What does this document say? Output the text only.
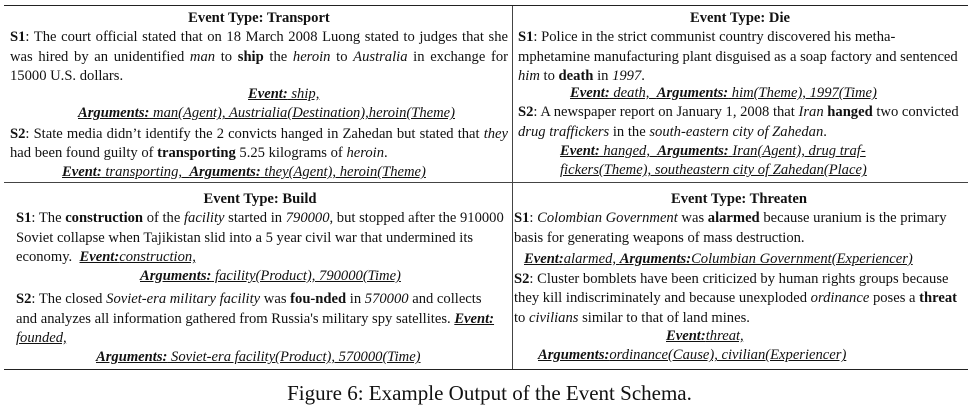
Event Type: Transport

S1: The court official stated that on 18 March 2008 Luong stated to judges that she was hired by an unidentified man to ship the heroin to Australia in exchange for 15000 U.S. dollars.

Event: ship,

Arguments: man(Agent), Austrialia(Destination),heroin(Theme)

S2: State media didn’t identify the 2 convicts hanged in Zahedan but stated that they had been found guilty of transporting 5.25 kilograms of heroin.

Event: transporting, Arguments: they(Agent), heroin(Theme)

Event Type: Die

S1: Police in the strict communist country discovered his metha-mphetamine manufacturing plant disguised as a soap factory and sentenced him to death in 1997.

Event: death, Arguments: him(Theme), 1997(Time)

S2: A newspaper report on January 1, 2008 that Iran hanged two convicted drug traffickers in the south-eastern city of Zahedan.

Event: hanged, Arguments: Iran(Agent), drug traf-

fickers(Theme), southeastern city of Zahedan(Place)

Event Type: Build

S1: The construction of the facility started in 790000, but stopped after the 910000 Soviet collapse when Tajikistan slid into a 5 year civil war that undermined its economy. Event:construction,

Arguments: facility(Product), 790000(Time)

S2: The closed Soviet-era military facility was fou-nded in 570000 and collects and analyzes all information gathered from Russia's military spy satellites. Event: founded,

Arguments: Soviet-era facility(Product), 570000(Time)

Event Type: Threaten

S1: Colombian Government was alarmed because uranium is the primary basis for generating weapons of mass destruction.

Event:alarmed, Arguments:Columbian Government(Experiencer)

S2: Cluster bomblets have been criticized by human rights groups because they kill indiscriminately and because unexploded ordinance poses a threat to civilians similar to that of land mines.

Event:threat,

Arguments:ordinance(Cause), civilian(Experiencer)

Figure 6: Example Output of the Event Schema.
